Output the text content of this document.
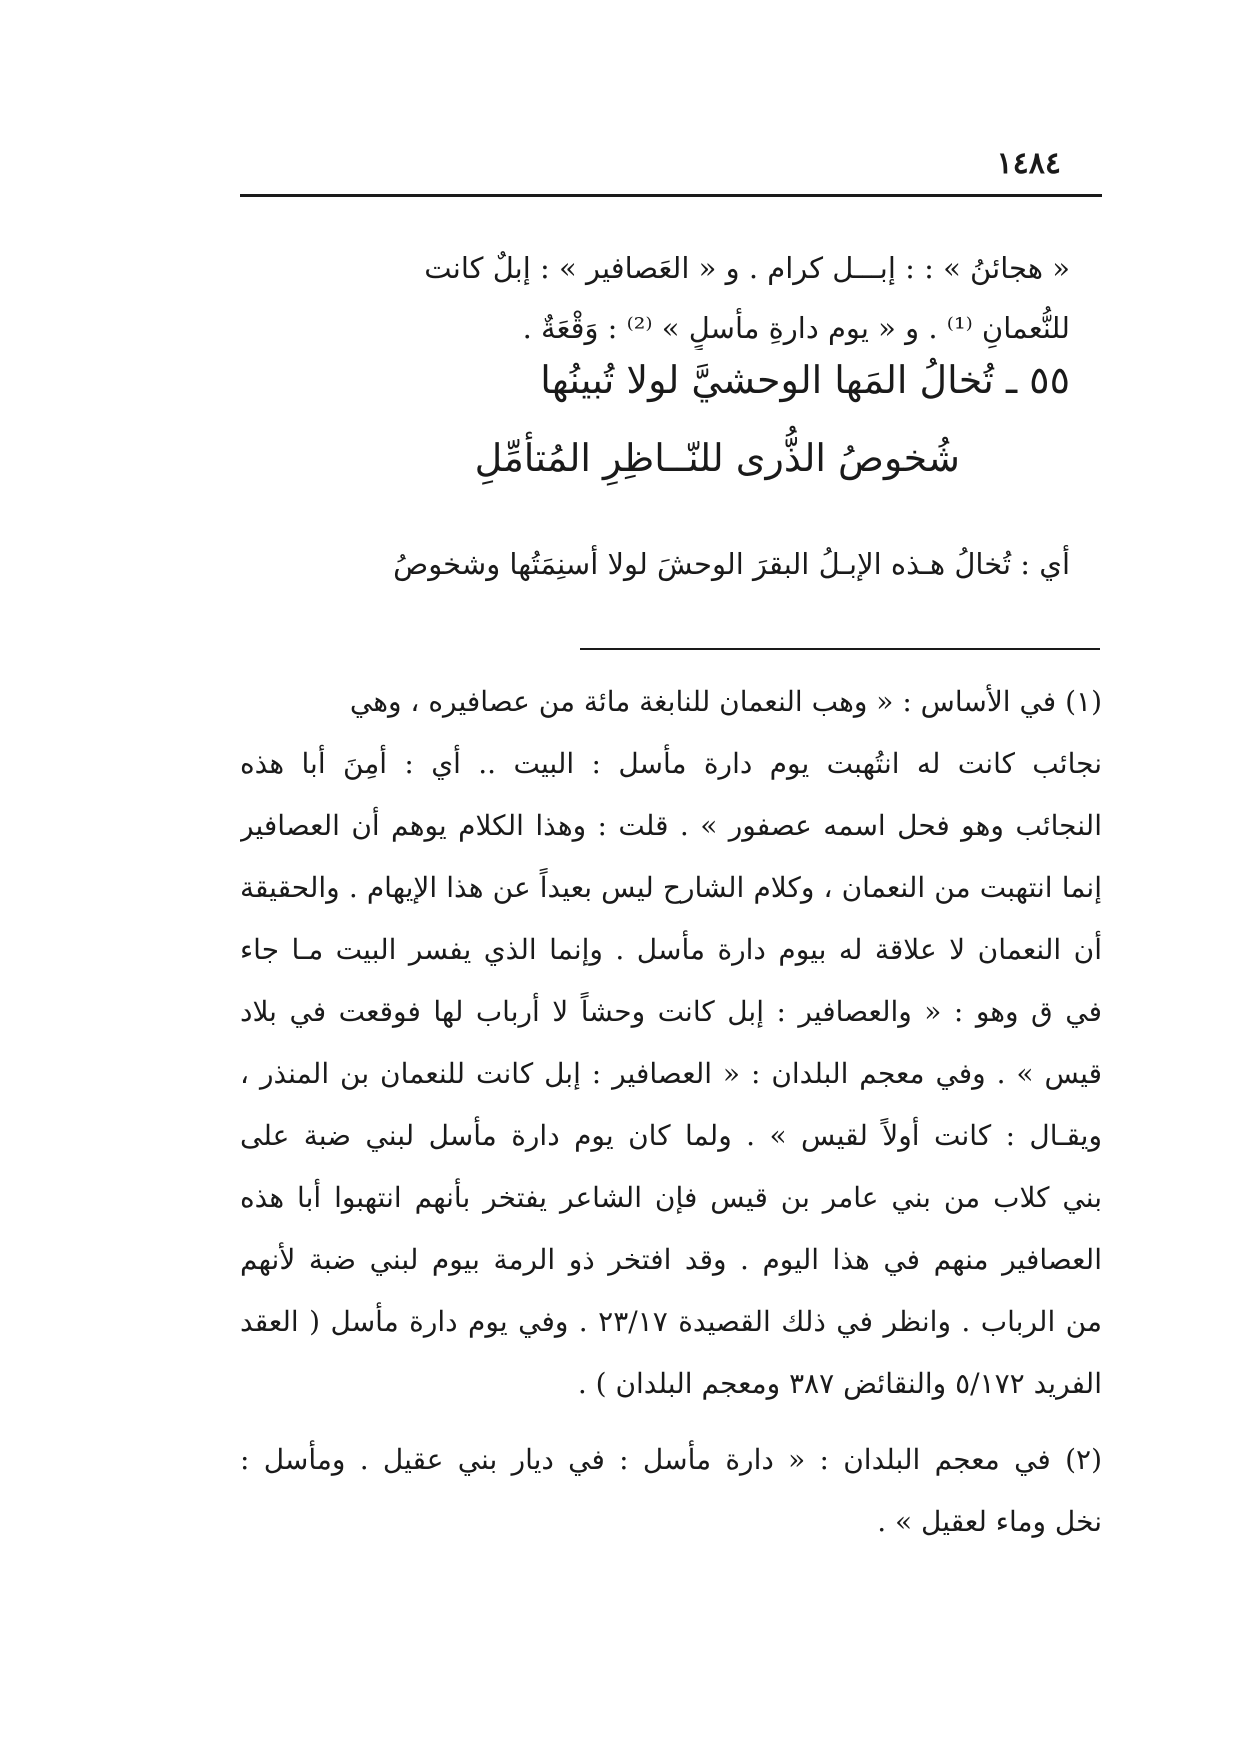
١٤٨٤
« هجائنُ » : : إبـــل كرام . و « العَصافير » : إبلٌ كانت
للنُّعمانِ ⁽¹⁾ . و « يوم دارةِ مأسلٍ » ⁽²⁾ : وَقْعَةٌ .
٥٥ ـ تُخالُ المَها الوحشيَّ لولا تُبينُها
شُخوصُ الذُّرى للنّــاظِرِ المُتأمِّلِ
أي : تُخالُ هـذه الإبـلُ البقرَ الوحشَ لولا أسنِمَتُها وشخوصُ
(١) في الأساس : « وهب النعمان للنابغة مائة من عصافيره ، وهي
نجائب كانت له انتُهبت يوم دارة مأسل : البيت .. أي : أمِنَ أبا هذه
النجائب وهو فحل اسمه عصفور » . قلت : وهذا الكلام يوهم أن العصافير
إنما انتهبت من النعمان ، وكلام الشارح ليس بعيداً عن هذا الإيهام . والحقيقة
أن النعمان لا علاقة له بيوم دارة مأسل . وإنما الذي يفسر البيت مـا جاء
في ق وهو : « والعصافير : إبل كانت وحشاً لا أرباب لها فوقعت في بلاد
قيس » . وفي معجم البلدان : « العصافير : إبل كانت للنعمان بن المنذر ،
ويقـال : كانت أولاً لقيس » . ولما كان يوم دارة مأسل لبني ضبة على
بني كلاب من بني عامر بن قيس فإن الشاعر يفتخر بأنهم انتهبوا أبا هذه
العصافير منهم في هذا اليوم . وقد افتخر ذو الرمة بيوم لبني ضبة لأنهم
من الرباب . وانظر في ذلك القصيدة ٢٣/١٧ . وفي يوم دارة مأسل ( العقد
الفريد ٥/١٧٢ والنقائض ٣٨٧ ومعجم البلدان ) .
(٢) في معجم البلدان : « دارة مأسل : في ديار بني عقيل . ومأسل :
نخل وماء لعقيل » .
